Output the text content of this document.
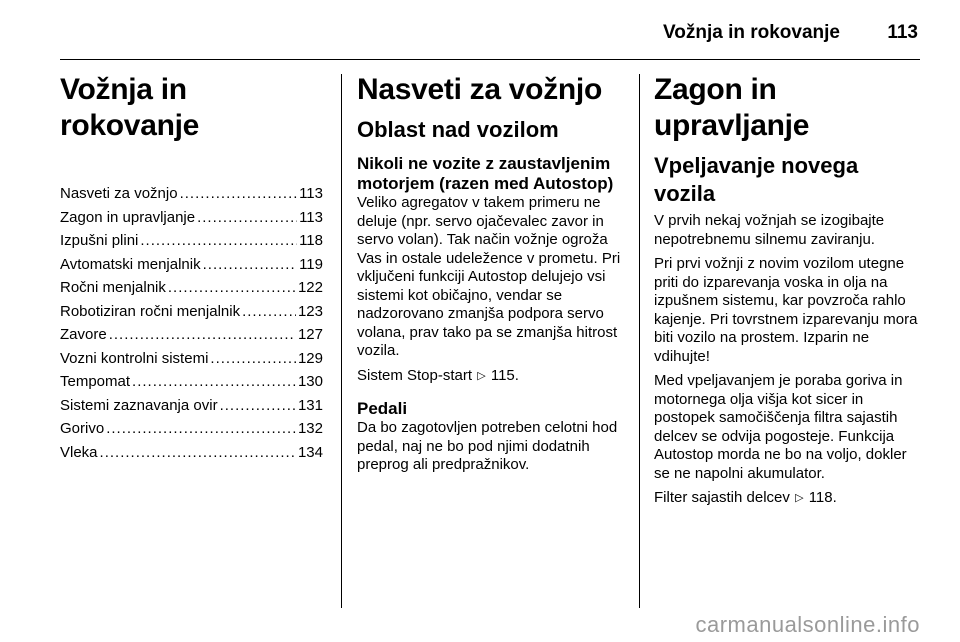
Vožnja in rokovanje 113
Vožnja in rokovanje
Nasveti za vožnjo .....	113
Zagon in upravljanje .....	113
Izpušni plini .....	118
Avtomatski menjalnik .....	119
Ročni menjalnik .....	122
Robotiziran ročni menjalnik .....	123
Zavore .....	127
Vozni kontrolni sistemi .....	129
Tempomat .....	130
Sistemi zaznavanja ovir .....	131
Gorivo .....	132
Vleka .....	134
Nasveti za vožnjo
Oblast nad vozilom
Nikoli ne vozite z zaustavljenim motorjem (razen med Autostop)

Veliko agregatov v takem primeru ne deluje (npr. servo ojačevalec zavor in servo volan). Tak način vožnje ogroža Vas in ostale udeležence v prometu. Pri vključeni funkciji Autostop delujejo vsi sistemi kot običajno, vendar se nadzorovano zmanjša podpora servo volana, prav tako pa se zmanjša hitrost vozila.

Sistem Stop-start ▷ 115.

Pedali

Da bo zagotovljen potreben celotni hod pedal, naj ne bo pod njimi dodatnih preprog ali predpražnikov.

Zagon in upravljanje
Vpeljavanje novega vozila

V prvih nekaj vožnjah se izogibajte nepotrebnemu silnemu zaviranju.

Pri prvi vožnji z novim vozilom utegne priti do izparevanja voska in olja na izpušnem sistemu, kar povzroča rahlo kajenje. Pri tovrstnem izparevanju mora biti vozilo na prostem. Izparin ne vdihujte!

Med vpeljavanjem je poraba goriva in motornega olja višja kot sicer in postopek samočiščenja filtra sajastih delcev se odvija pogosteje. Funkcija Autostop morda ne bo na voljo, dokler se ne napolni akumulator.

Filter sajastih delcev ▷ 118.

carmanualsonline.info
